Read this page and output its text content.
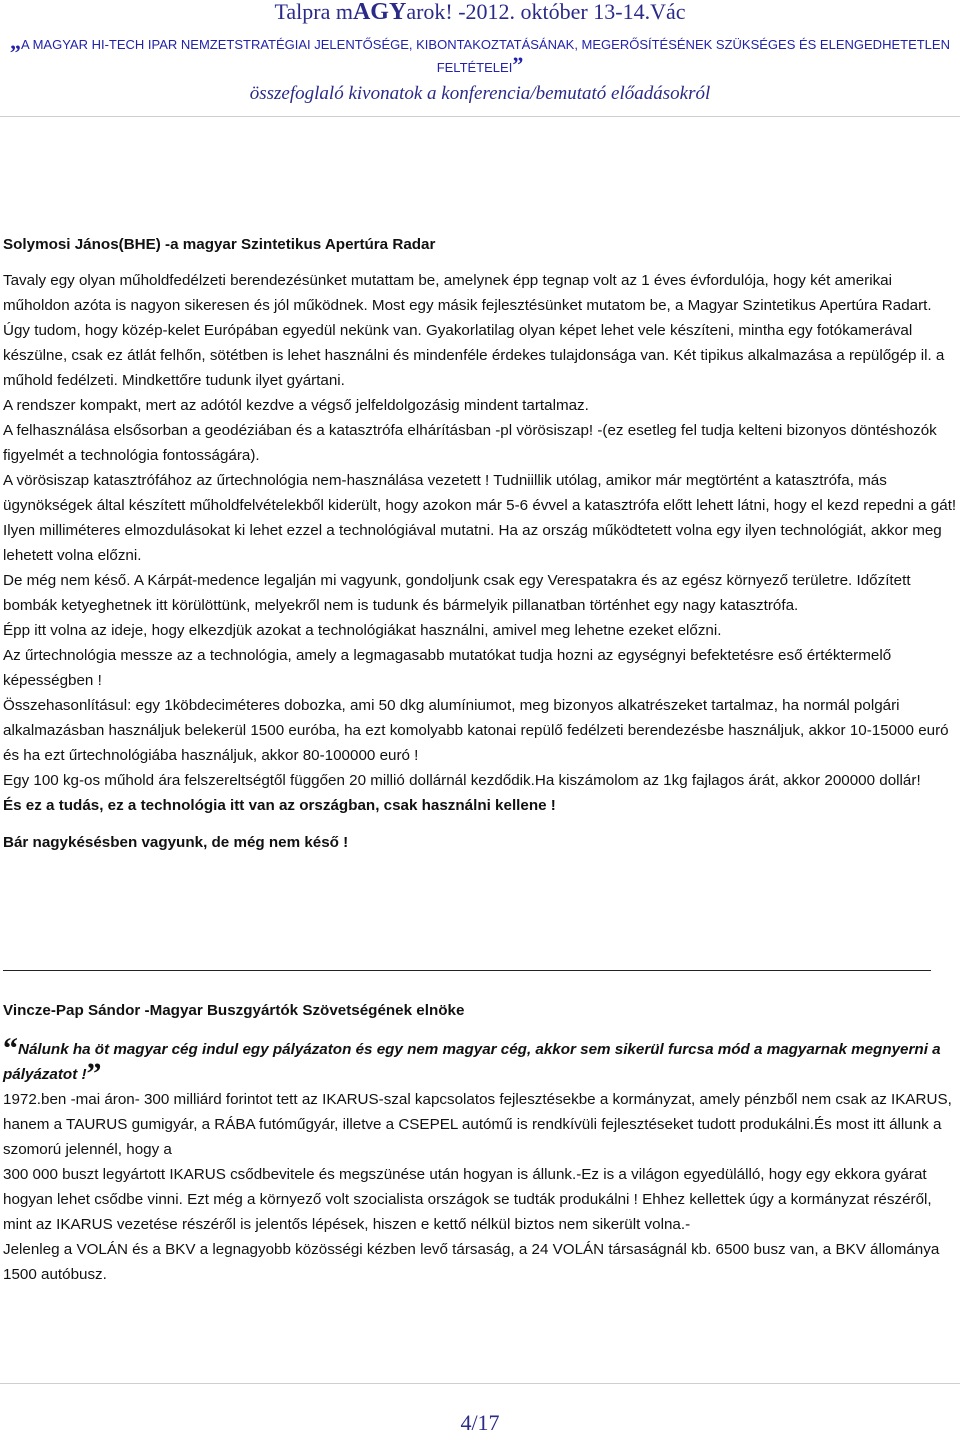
Talpra mAGYarok! -2012. október 13-14.Vác
„A MAGYAR HI-TECH IPAR NEMZETSTRATÉGIAI JELENTŐSÉGE, KIBONTAKOZTATÁSÁNAK, MEGERŐSÍTÉSÉNEK SZÜKSÉGES ÉS ELENGEDHETETLEN FELTÉTELEI”
összefoglaló kivonatok a konferencia/bemutató előadásokról

Solymosi János(BHE) -a magyar Szintetikus Apertúra Radar

Tavaly egy olyan műholdfedélzeti berendezésünket mutattam be, amelynek épp tegnap volt az 1 éves évfordulója, hogy két amerikai műholdon azóta is nagyon sikeresen és jól működnek. Most egy másik fejlesztésünket mutatom be, a Magyar Szintetikus Apertúra Radart. Úgy tudom, hogy közép-kelet Európában egyedül nekünk van. Gyakorlatilag olyan képet lehet vele készíteni, mintha egy fotókamerával készülne, csak ez átlát felhőn, sötétben is lehet használni és mindenféle érdekes tulajdonsága van. Két tipikus alkalmazása a repülőgép il. a műhold fedélzeti. Mindkettőre tudunk ilyet gyártani.

A rendszer kompakt, mert az adótól kezdve a végső jelfeldolgozásig mindent tartalmaz.

A felhasználása elsősorban a geodéziában és a katasztrófa elhárításban -pl vörösiszap! -(ez esetleg fel tudja kelteni bizonyos döntéshozók figyelmét a technológia fontosságára).

A vörösiszap katasztrófához az űrtechnológia nem-használása vezetett ! Tudniillik utólag, amikor már megtörtént a katasztrófa, más ügynökségek által készített műholdfelvételekből kiderült, hogy azokon már 5-6 évvel a katasztrófa előtt lehett látni, hogy el kezd repedni a gát! Ilyen milliméteres elmozdulásokat ki lehet ezzel a technológiával mutatni. Ha az ország működtetett volna egy ilyen technológiát, akkor meg lehetett volna előzni.

De még nem késő. A Kárpát-medence legalján mi vagyunk, gondoljunk csak egy Verespatakra és az egész környező területre. Időzített bombák ketyeghetnek itt körülöttünk, melyekről nem is tudunk és bármelyik pillanatban történhet egy nagy katasztrófa.

Épp itt volna az ideje, hogy elkezdjük azokat a technológiákat használni, amivel meg lehetne ezeket előzni.

Az űrtechnológia messze az a technológia, amely a legmagasabb mutatókat tudja hozni az egységnyi befektetésre eső értéktermelő képességben !

Összehasonlításul: egy 1köbdeciméteres dobozka, ami 50 dkg alumíniumot, meg bizonyos alkatrészeket tartalmaz, ha normál polgári alkalmazásban használjuk belekerül 1500 euróba, ha ezt komolyabb katonai repülő fedélzeti berendezésbe használjuk, akkor 10-15000 euró és ha ezt űrtechnológiába használjuk, akkor 80-100000 euró !

Egy 100 kg-os műhold ára felszereltségtől függően 20 millió dollárnál kezdődik.Ha kiszámolom az 1kg fajlagos árát, akkor 200000 dollár!

És ez a tudás, ez a technológia itt van az országban, csak használni kellene !

Bár nagykésésben vagyunk, de még nem késő !

Vincze-Pap Sándor -Magyar Buszgyártók Szövetségének elnöke

“Nálunk ha öt magyar cég indul egy pályázaton és egy nem magyar cég, akkor sem sikerül furcsa mód a magyarnak megnyerni a pályázatot !”

1972.ben -mai áron- 300 milliárd forintot tett az IKARUS-szal kapcsolatos fejlesztésekbe a kormányzat, amely pénzből nem csak az IKARUS, hanem a TAURUS gumigyár, a RÁBA futóműgyár, illetve a CSEPEL autómű is rendkívüli fejlesztéseket tudott produkálni.És most itt állunk a szomorú jelennél, hogy a

300 000 buszt legyártott IKARUS csődbevitele és megszünése után hogyan is állunk.-Ez is a világon egyedülálló, hogy egy ekkora gyárat hogyan lehet csődbe vinni. Ezt még a környező volt szocialista országok se tudták produkálni ! Ehhez kellettek úgy a kormányzat részéről, mint az IKARUS vezetése részéről is jelentős lépések, hiszen e kettő nélkül biztos nem sikerült volna.-

Jelenleg a VOLÁN és a BKV a legnagyobb közösségi kézben levő társaság, a 24 VOLÁN társaságnál kb. 6500 busz van, a BKV állománya 1500 autóbusz.

4/17
